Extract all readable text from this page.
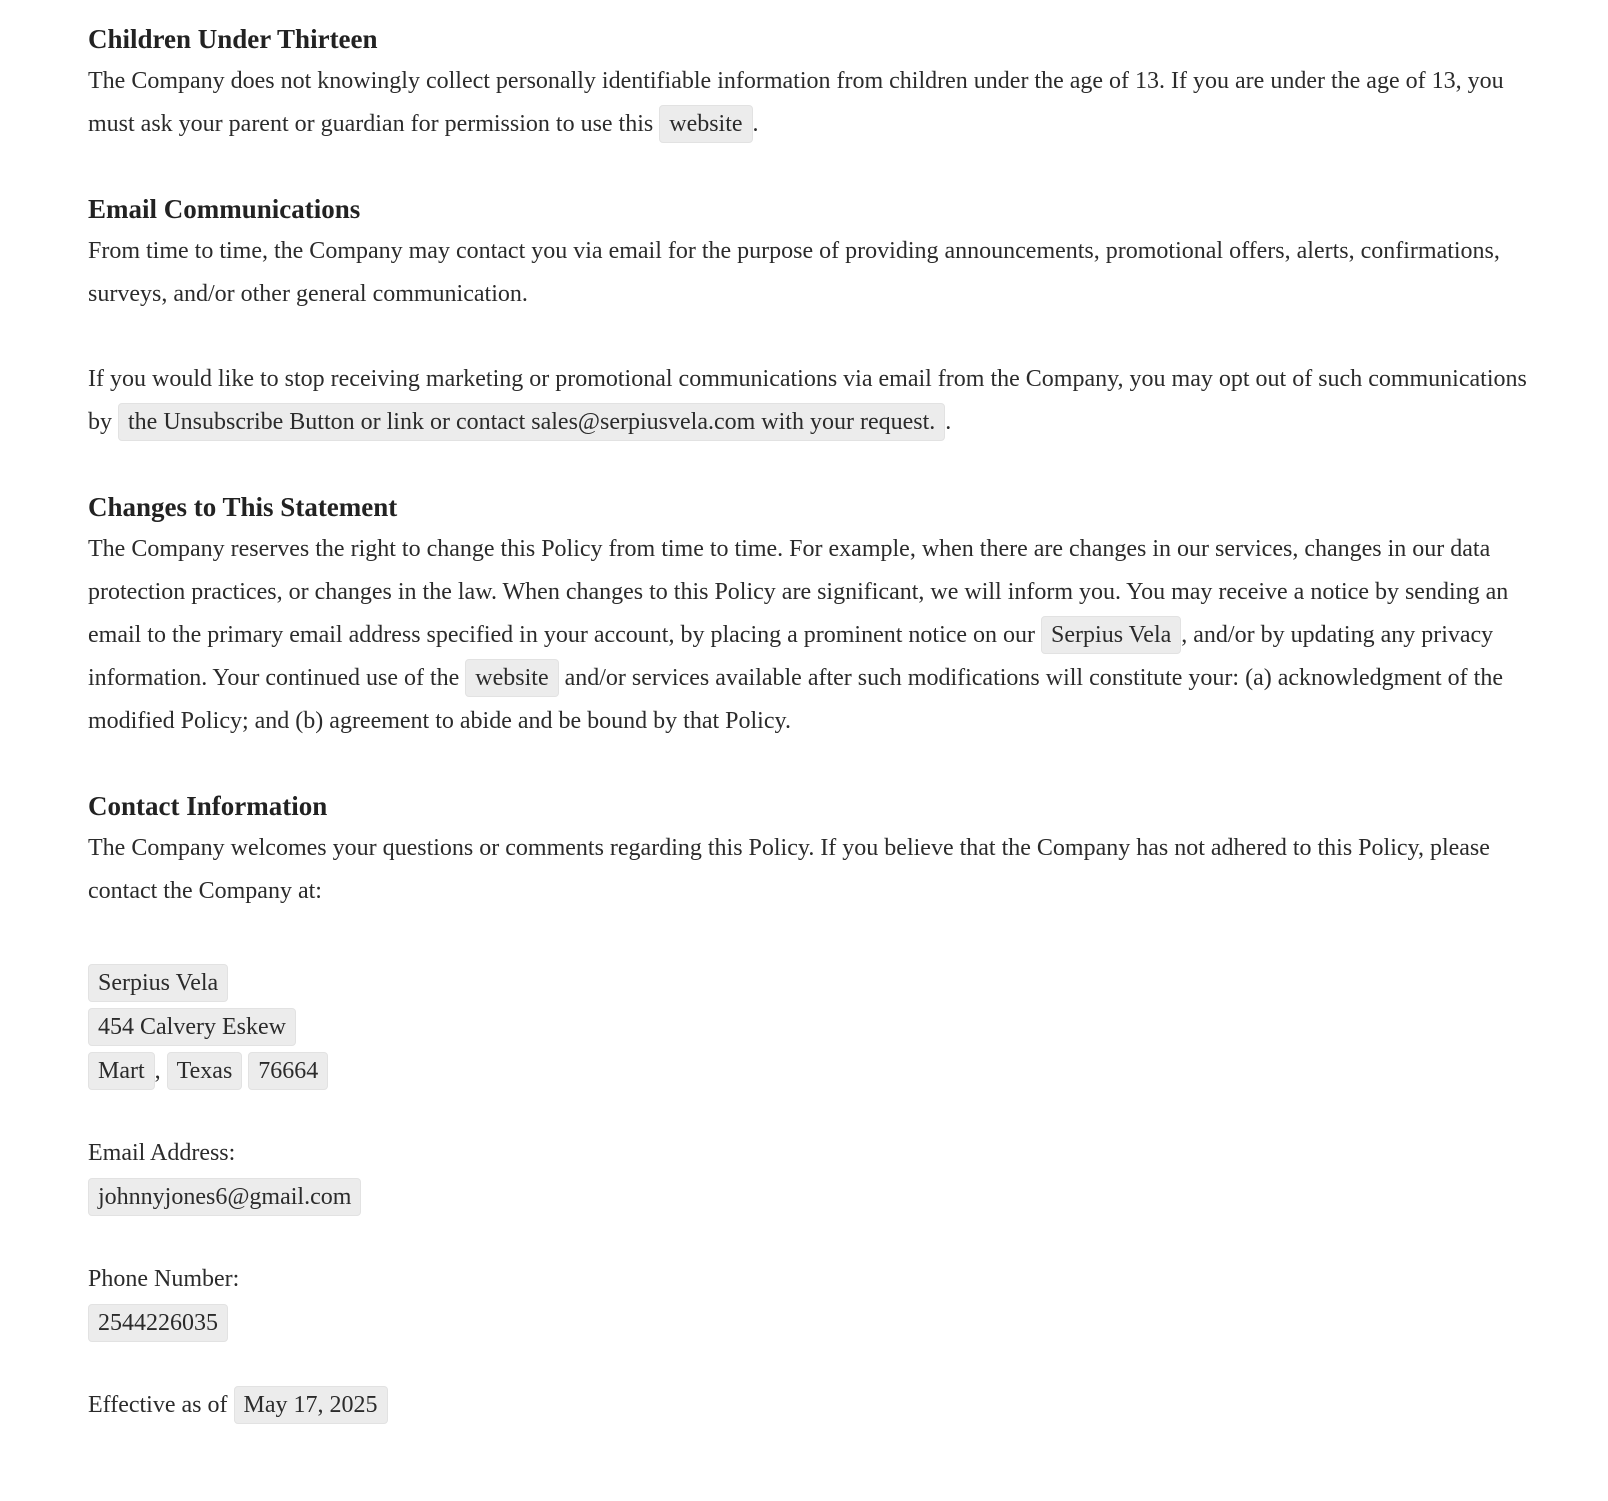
Children Under Thirteen

The Company does not knowingly collect personally identifiable information from children under the age of 13. If you are under the age of 13, you must ask your parent or guardian for permission to use this website .

Email Communications

From time to time, the Company may contact you via email for the purpose of providing announcements, promotional offers, alerts, confirmations, surveys, and/or other general communication.

If you would like to stop receiving marketing or promotional communications via email from the Company, you may opt out of such communications by the Unsubscribe Button or link or contact sales@serpiusvela.com with your request. .

Changes to This Statement

The Company reserves the right to change this Policy from time to time. For example, when there are changes in our services, changes in our data protection practices, or changes in the law. When changes to this Policy are significant, we will inform you. You may receive a notice by sending an email to the primary email address specified in your account, by placing a prominent notice on our Serpius Vela , and/or by updating any privacy information. Your continued use of the website and/or services available after such modifications will constitute your: (a) acknowledgment of the modified Policy; and (b) agreement to abide and be bound by that Policy.

Contact Information

The Company welcomes your questions or comments regarding this Policy. If you believe that the Company has not adhered to this Policy, please contact the Company at:

Serpius Vela
454 Calvery Eskew
Mart , Texas 76664
Email Address:
johnnyjones6@gmail.com
Phone Number:
2544226035
Effective as of May 17, 2025
